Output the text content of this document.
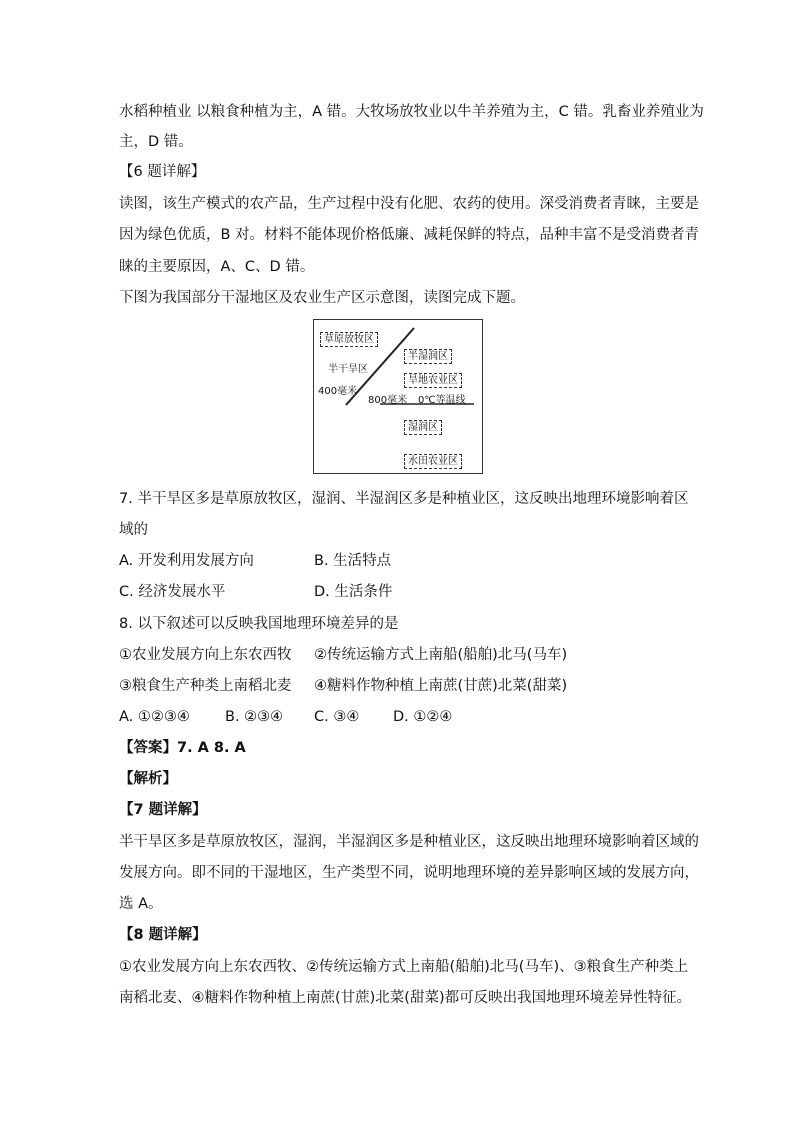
水稻种植业 以粮食种植为主，A 错。大牧场放牧业以牛羊养殖为主，C 错。乳畜业养殖业为
主，D 错。
【6 题详解】
读图，该生产模式的农产品，生产过程中没有化肥、农药的使用。深受消费者青睐，主要是
因为绿色优质，B 对。材料不能体现价格低廉、减耗保鲜的特点，品种丰富不是受消费者青
睐的主要原因，A、C、D 错。
下图为我国部分干湿地区及农业生产区示意图，读图完成下题。
草原放牧区
半干旱区
400毫米
半湿润区
旱地农业区
800毫米 0℃等温线
湿润区
水田农业区
7. 半干旱区多是草原放牧区，湿润、半湿润区多是种植业区，这反映出地理环境影响着区
域的
A. 开发利用发展方向	B. 生活特点
C. 经济发展水平	D. 生活条件
8. 以下叙述可以反映我国地理环境差异的是
①农业发展方向上东农西牧 ②传统运输方式上南船(船舶)北马(马车)
③粮食生产种类上南稻北麦 ④糖料作物种植上南蔗(甘蔗)北菜(甜菜)
A. ①②③④ B. ②③④ C. ③④ D. ①②④
【答案】7. A 8. A
【解析】
【7 题详解】
半干旱区多是草原放牧区，湿润，半湿润区多是种植业区，这反映出地理环境影响着区域的
发展方向。即不同的干湿地区，生产类型不同，说明地理环境的差异影响区域的发展方向，
选 A。
【8 题详解】
①农业发展方向上东农西牧、②传统运输方式上南船(船舶)北马(马车)、③粮食生产种类上
南稻北麦、④糖料作物种植上南蔗(甘蔗)北菜(甜菜)都可反映出我国地理环境差异性特征。
